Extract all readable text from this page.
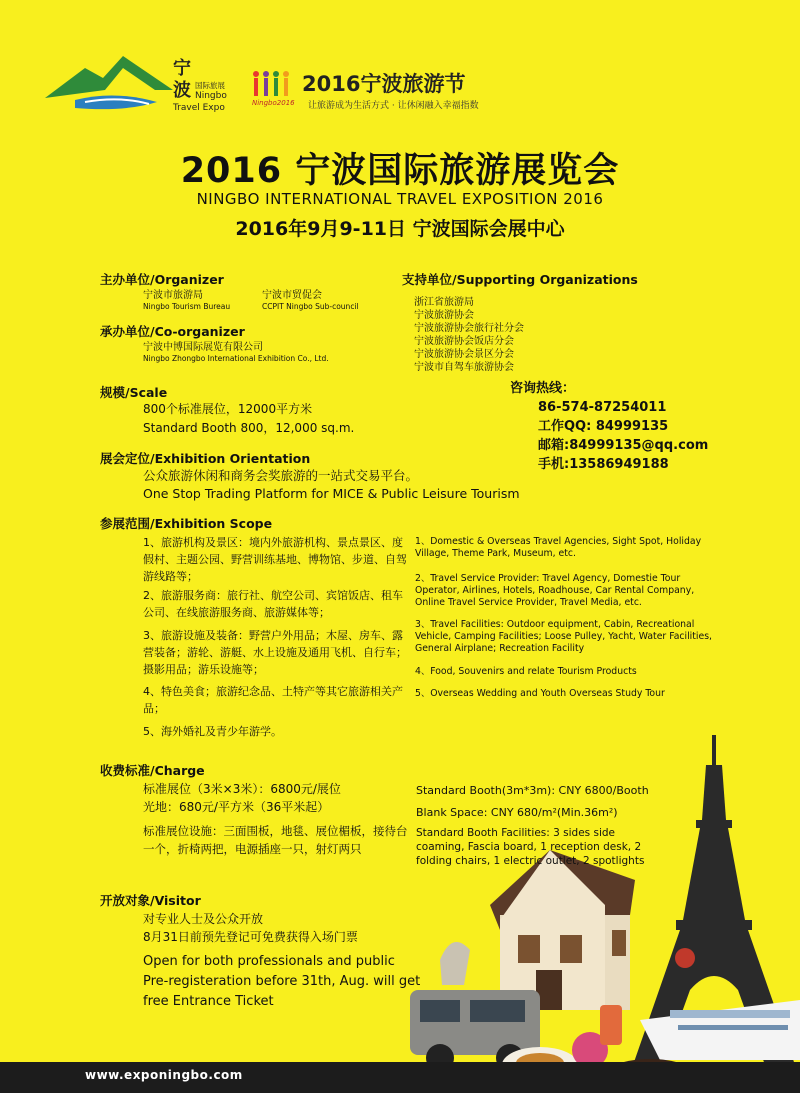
宁
波 国际旅展
Ningbo
Travel Expo	Ningbo2016
2016宁波旅游节
让旅游成为生活方式 · 让休闲融入幸福指数
2016 宁波国际旅游展览会
NINGBO INTERNATIONAL TRAVEL EXPOSITION 2016
2016年9月9-11日 宁波国际会展中心
主办单位/Organizer
宁波市旅游局
Ningbo Tourism Bureau
宁波市贸促会
CCPIT Ningbo Sub-council
承办单位/Co-organizer
宁波中博国际展览有限公司
Ningbo Zhongbo International Exhibition Co., Ltd.
支持单位/Supporting Organizations
浙江省旅游局
宁波旅游协会
宁波旅游协会旅行社分会
宁波旅游协会饭店分会
宁波旅游协会景区分会
宁波市自驾车旅游协会
规模/Scale
800个标准展位，12000平方米
Standard Booth 800，12,000 sq.m.
咨询热线：
86-574-87254011
工作QQ: 84999135
邮箱:84999135@qq.com
手机:13586949188
展会定位/Exhibition Orientation
公众旅游休闲和商务会奖旅游的一站式交易平台。
One Stop Trading Platform for MICE & Public Leisure Tourism
参展范围/Exhibition Scope
1、旅游机构及景区：境内外旅游机构、景点景区、度假村、主题公园、野营训练基地、博物馆、步道、自驾游线路等；
2、旅游服务商：旅行社、航空公司、宾馆饭店、租车公司、在线旅游服务商、旅游媒体等；
3、旅游设施及装备：野营户外用品；木屋、房车、露营装备；游轮、游艇、水上设施及通用飞机、自行车；摄影用品；游乐设施等；
4、特色美食；旅游纪念品、土特产等其它旅游相关产品；
5、海外婚礼及青少年游学。
1、Domestic & Overseas Travel Agencies, Sight Spot, Holiday Village, Theme Park, Museum, etc.
2、Travel Service Provider: Travel Agency, Domestie Tour Operator, Airlines, Hotels, Roadhouse, Car Rental Company, Online Travel Service Provider, Travel Media, etc.
3、Travel Facilities: Outdoor equipment, Cabin, Recreational Vehicle, Camping Facilities; Loose Pulley, Yacht, Water Facilities, General Airplane; Recreation Facility
4、Food, Souvenirs and relate Tourism Products
5、Overseas Wedding and Youth Overseas Study Tour
收费标准/Charge
标准展位（3米×3米）：6800元/展位
光地：680元/平方米（36平米起）
标准展位设施：三面围板，地毯、展位楣板，接待台一个，折椅两把，电源插座一只，射灯两只
Standard Booth(3m*3m): CNY 6800/Booth
Blank Space: CNY 680/m²(Min.36m²)
Standard Booth Facilities: 3 sides side coaming, Fascia board, 1 reception desk, 2 folding chairs, 1 electric outlet, 2 spotlights
开放对象/Visitor
对专业人士及公众开放
8月31日前预先登记可免费获得入场门票
Open for both professionals and public
Pre-registeration before 31th, Aug. will get
free Entrance Ticket
www.exponingbo.com
